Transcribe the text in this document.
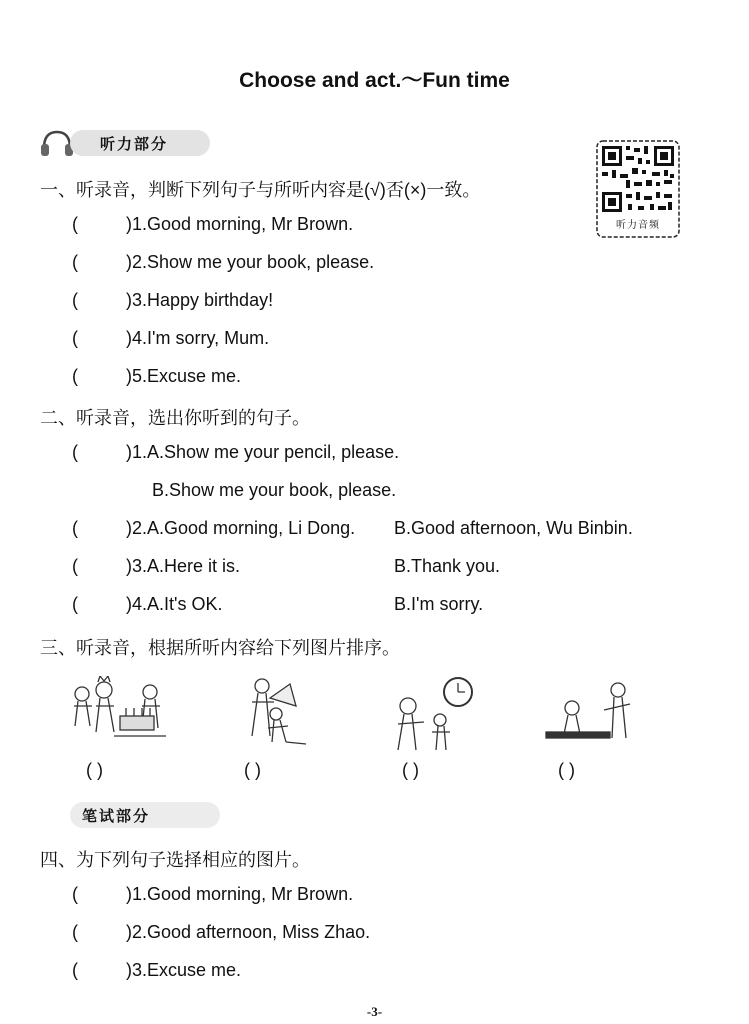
Choose and act.～Fun time
听力部分
听力音频
一、听录音，判断下列句子与所听内容是(√)否(×)一致。
(	)1.Good morning, Mr Brown.
(	)2.Show me your book, please.
(	)3.Happy birthday!
(	)4.I'm sorry, Mum.
(	)5.Excuse me.
二、听录音，选出你听到的句子。
(	)1.A.Show me your pencil, please.
B.Show me your book, please.
(	)2.A.Good morning, Li Dong. B.Good afternoon, Wu Binbin.
(	)3.A.Here it is.	B.Thank you.
(	)4.A.It's OK.	B.I'm sorry.
三、听录音，根据所听内容给下列图片排序。
( )	( )	( )	( )
笔试部分
四、为下列句子选择相应的图片。
(	)1.Good morning, Mr Brown.
(	)2.Good afternoon, Miss Zhao.
(	)3.Excuse me.
-3-
